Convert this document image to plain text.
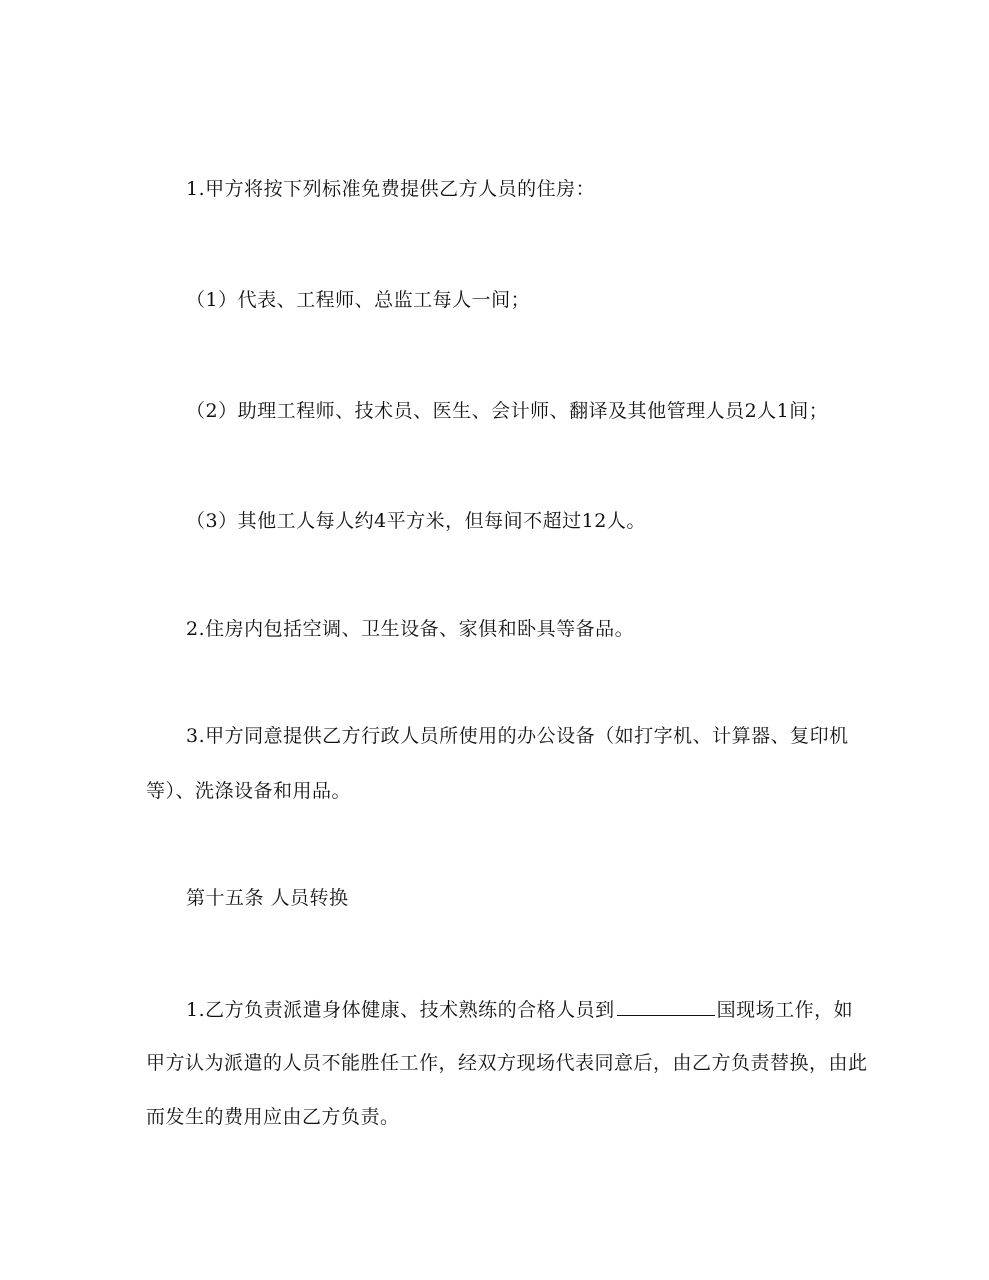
1.甲方将按下列标准免费提供乙方人员的住房：
（1）代表、工程师、总监工每人一间；
（2）助理工程师、技术员、医生、会计师、翻译及其他管理人员2人1间；
（3）其他工人每人约4平方米，但每间不超过12人。
2.住房内包括空调、卫生设备、家俱和卧具等备品。
3.甲方同意提供乙方行政人员所使用的办公设备（如打字机、计算器、复印机
等）、洗涤设备和用品。
第十五条 人员转换
1.乙方负责派遣身体健康、技术熟练的合格人员到	国现场工作，如
甲方认为派遣的人员不能胜任工作，经双方现场代表同意后，由乙方负责替换，由此
而发生的费用应由乙方负责。
